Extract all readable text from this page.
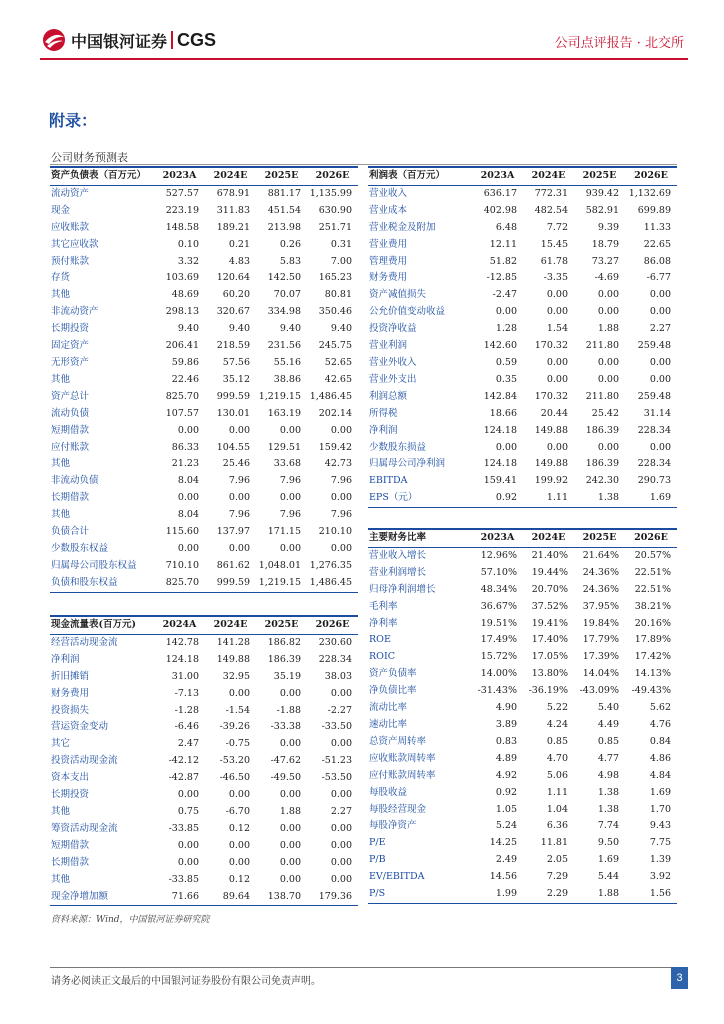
中国银河证券 CGS	公司点评报告 · 北交所
附录：
公司财务预测表
资产负债表（百万元）	2023A	2024E	2025E	2026E
流动资产	527.57	678.91	881.17	1,135.99
现金	223.19	311.83	451.54	630.90
应收账款	148.58	189.21	213.98	251.71
其它应收款	0.10	0.21	0.26	0.31
预付账款	3.32	4.83	5.83	7.00
存货	103.69	120.64	142.50	165.23
其他	48.69	60.20	70.07	80.81
非流动资产	298.13	320.67	334.98	350.46
长期投资	9.40	9.40	9.40	9.40
固定资产	206.41	218.59	231.56	245.75
无形资产	59.86	57.56	55.16	52.65
其他	22.46	35.12	38.86	42.65
资产总计	825.70	999.59	1,219.15	1,486.45
流动负债	107.57	130.01	163.19	202.14
短期借款	0.00	0.00	0.00	0.00
应付账款	86.33	104.55	129.51	159.42
其他	21.23	25.46	33.68	42.73
非流动负债	8.04	7.96	7.96	7.96
长期借款	0.00	0.00	0.00	0.00
其他	8.04	7.96	7.96	7.96
负债合计	115.60	137.97	171.15	210.10
少数股东权益	0.00	0.00	0.00	0.00
归属母公司股东权益	710.10	861.62	1,048.01	1,276.35
负债和股东权益	825.70	999.59	1,219.15	1,486.45
利润表（百万元）	2023A	2024E	2025E	2026E
营业收入	636.17	772.31	939.42	1,132.69
营业成本	402.98	482.54	582.91	699.89
营业税金及附加	6.48	7.72	9.39	11.33
营业费用	12.11	15.45	18.79	22.65
管理费用	51.82	61.78	73.27	86.08
财务费用	-12.85	-3.35	-4.69	-6.77
资产减值损失	-2.47	0.00	0.00	0.00
公允价值变动收益	0.00	0.00	0.00	0.00
投资净收益	1.28	1.54	1.88	2.27
营业利润	142.60	170.32	211.80	259.48
营业外收入	0.59	0.00	0.00	0.00
营业外支出	0.35	0.00	0.00	0.00
利润总额	142.84	170.32	211.80	259.48
所得税	18.66	20.44	25.42	31.14
净利润	124.18	149.88	186.39	228.34
少数股东损益	0.00	0.00	0.00	0.00
归属母公司净利润	124.18	149.88	186.39	228.34
EBITDA	159.41	199.92	242.30	290.73
EPS（元）	0.92	1.11	1.38	1.69
主要财务比率	2023A	2024E	2025E	2026E
营业收入增长	12.96%	21.40%	21.64%	20.57%
营业利润增长	57.10%	19.44%	24.36%	22.51%
归母净利润增长	48.34%	20.70%	24.36%	22.51%
毛利率	36.67%	37.52%	37.95%	38.21%
净利率	19.51%	19.41%	19.84%	20.16%
ROE	17.49%	17.40%	17.79%	17.89%
ROIC	15.72%	17.05%	17.39%	17.42%
资产负债率	14.00%	13.80%	14.04%	14.13%
净负债比率	-31.43%	-36.19%	-43.09%	-49.43%
流动比率	4.90	5.22	5.40	5.62
速动比率	3.89	4.24	4.49	4.76
总资产周转率	0.83	0.85	0.85	0.84
应收账款周转率	4.89	4.70	4.77	4.86
应付账款周转率	4.92	5.06	4.98	4.84
每股收益	0.92	1.11	1.38	1.69
每股经营现金	1.05	1.04	1.38	1.70
每股净资产	5.24	6.36	7.74	9.43
P/E	14.25	11.81	9.50	7.75
P/B	2.49	2.05	1.69	1.39
EV/EBITDA	14.56	7.29	5.44	3.92
P/S	1.99	2.29	1.88	1.56
现金流量表(百万元)	2024A	2024E	2025E	2026E
经营活动现金流	142.78	141.28	186.82	230.60
净利润	124.18	149.88	186.39	228.34
折旧摊销	31.00	32.95	35.19	38.03
财务费用	-7.13	0.00	0.00	0.00
投资损失	-1.28	-1.54	-1.88	-2.27
营运资金变动	-6.46	-39.26	-33.38	-33.50
其它	2.47	-0.75	0.00	0.00
投资活动现金流	-42.12	-53.20	-47.62	-51.23
资本支出	-42.87	-46.50	-49.50	-53.50
长期投资	0.00	0.00	0.00	0.00
其他	0.75	-6.70	1.88	2.27
筹资活动现金流	-33.85	0.12	0.00	0.00
短期借款	0.00	0.00	0.00	0.00
长期借款	0.00	0.00	0.00	0.00
其他	-33.85	0.12	0.00	0.00
现金净增加额	71.66	89.64	138.70	179.36
资料来源：Wind，中国银河证券研究院
请务必阅读正文最后的中国银河证券股份有限公司免责声明。	3
